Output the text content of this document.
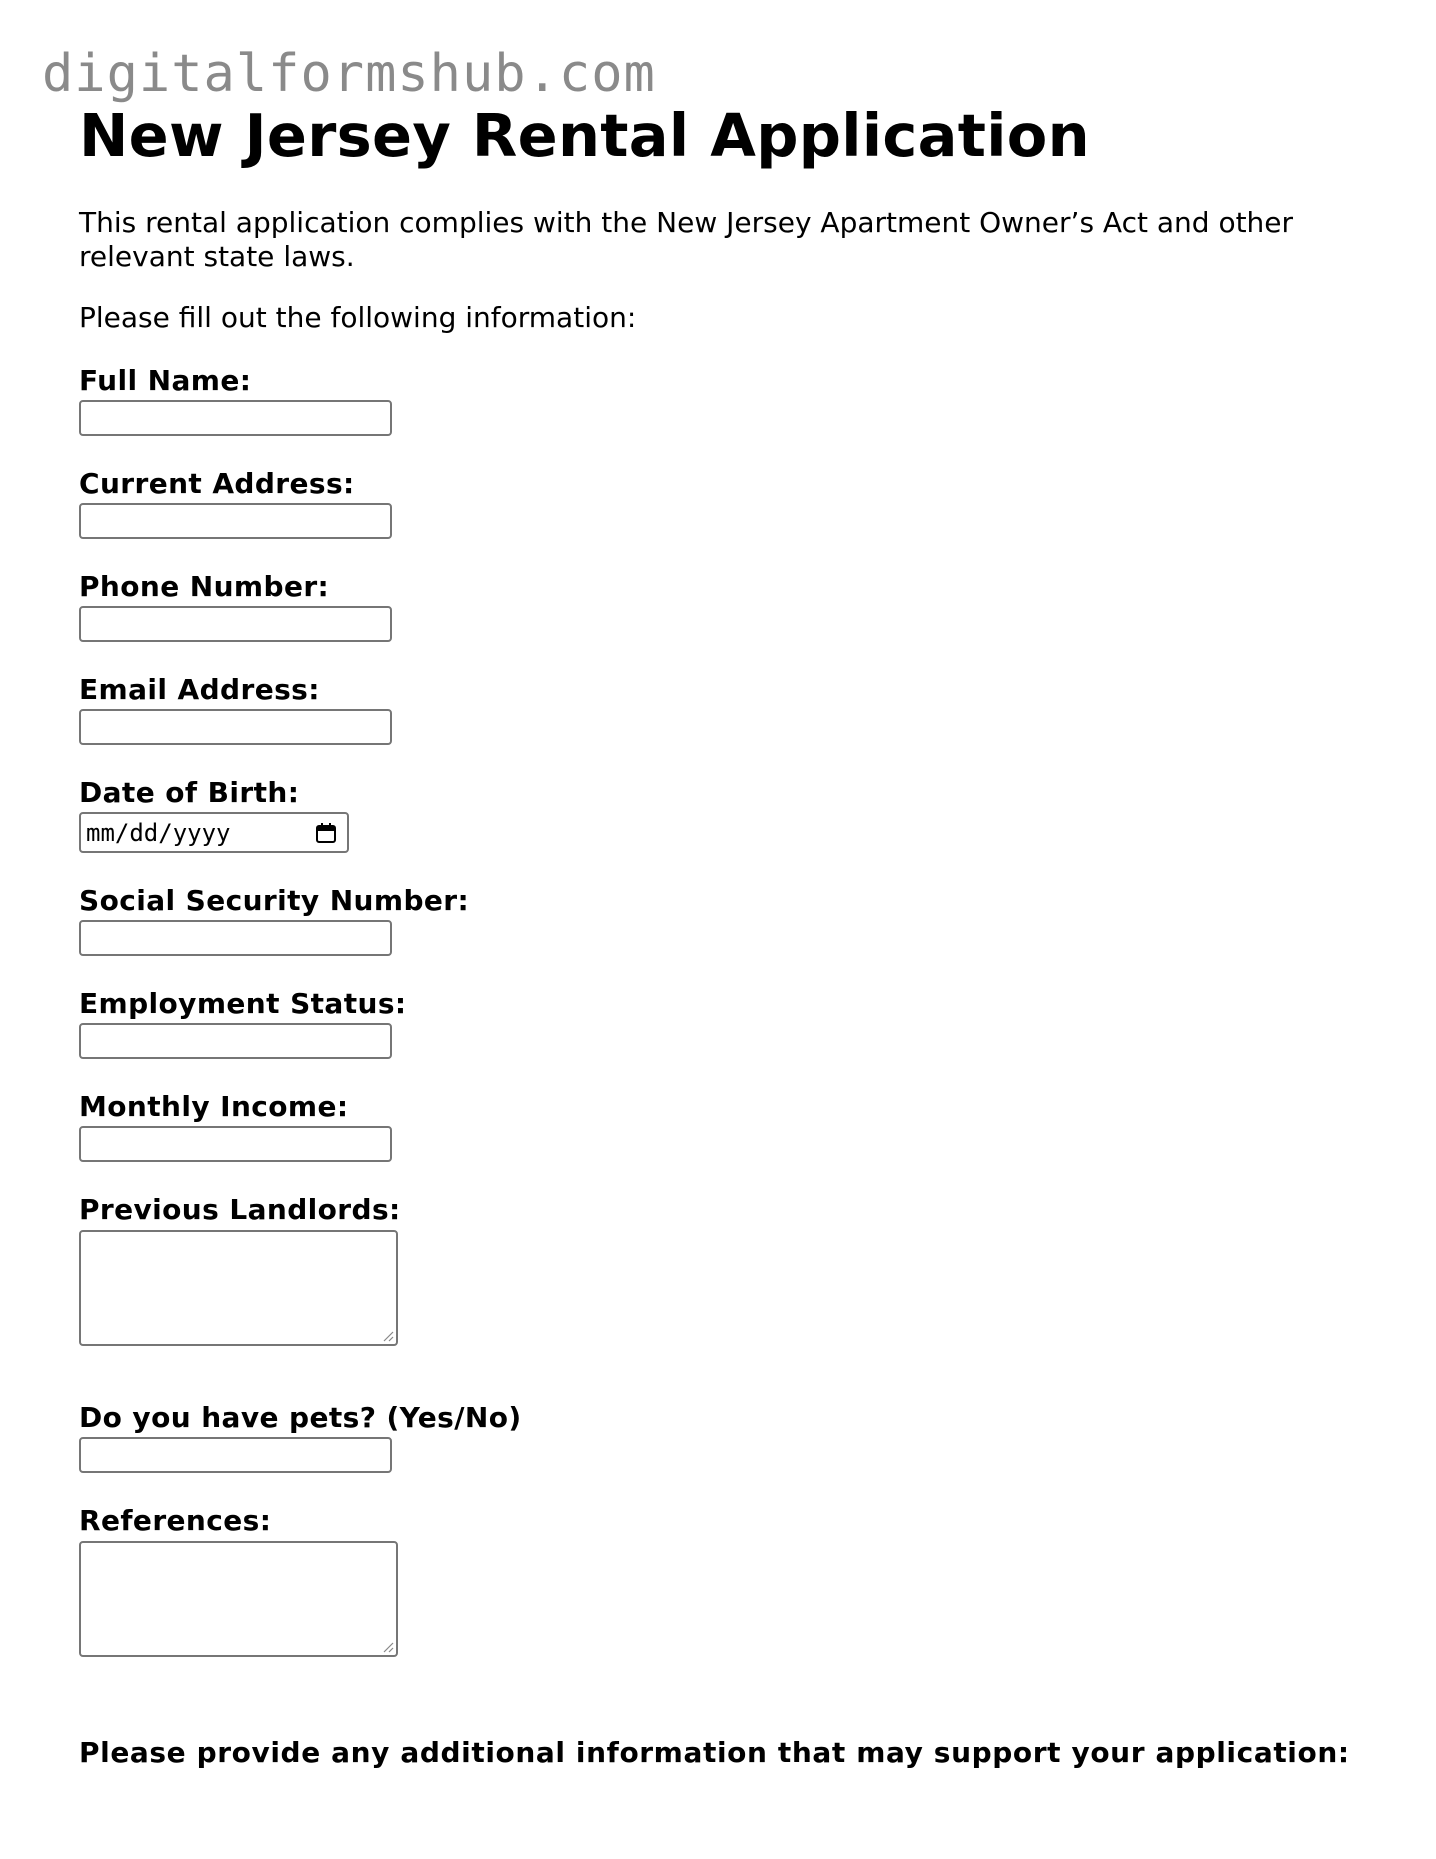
digitalformshub.com
New Jersey Rental Application

This rental application complies with the New Jersey Apartment Owner’s Act and other relevant state laws.

Please fill out the following information:

Full Name:
Current Address:
Phone Number:
Email Address:
Date of Birth:
mm/dd/yyyy
Social Security Number:
Employment Status:
Monthly Income:
Previous Landlords:
Do you have pets? (Yes/No)
References:
Please provide any additional information that may support your application:
